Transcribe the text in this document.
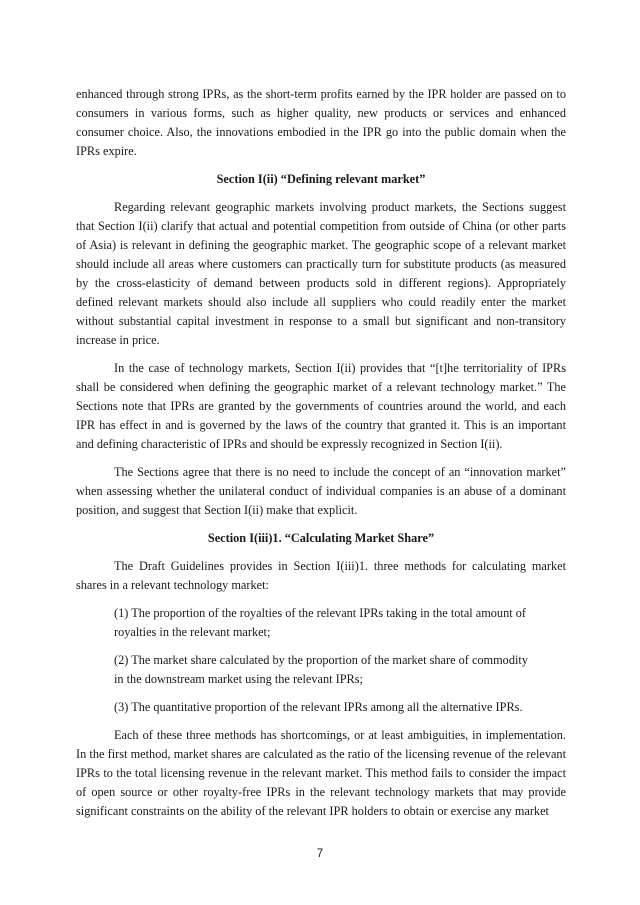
enhanced through strong IPRs, as the short-term profits earned by the IPR holder are passed on to consumers in various forms, such as higher quality, new products or services and enhanced consumer choice. Also, the innovations embodied in the IPR go into the public domain when the IPRs expire.

Section I(ii) “Defining relevant market”

Regarding relevant geographic markets involving product markets, the Sections suggest that Section I(ii) clarify that actual and potential competition from outside of China (or other parts of Asia) is relevant in defining the geographic market. The geographic scope of a relevant market should include all areas where customers can practically turn for substitute products (as measured by the cross-elasticity of demand between products sold in different regions). Appropriately defined relevant markets should also include all suppliers who could readily enter the market without substantial capital investment in response to a small but significant and non-transitory increase in price.

In the case of technology markets, Section I(ii) provides that “[t]he territoriality of IPRs shall be considered when defining the geographic market of a relevant technology market.” The Sections note that IPRs are granted by the governments of countries around the world, and each IPR has effect in and is governed by the laws of the country that granted it. This is an important and defining characteristic of IPRs and should be expressly recognized in Section I(ii).

The Sections agree that there is no need to include the concept of an “innovation market” when assessing whether the unilateral conduct of individual companies is an abuse of a dominant position, and suggest that Section I(ii) make that explicit.

Section I(iii)1. “Calculating Market Share”

The Draft Guidelines provides in Section I(iii)1. three methods for calculating market shares in a relevant technology market:

(1) The proportion of the royalties of the relevant IPRs taking in the total amount of royalties in the relevant market;

(2) The market share calculated by the proportion of the market share of commodity in the downstream market using the relevant IPRs;

(3) The quantitative proportion of the relevant IPRs among all the alternative IPRs.

Each of these three methods has shortcomings, or at least ambiguities, in implementation. In the first method, market shares are calculated as the ratio of the licensing revenue of the relevant IPRs to the total licensing revenue in the relevant market. This method fails to consider the impact of open source or other royalty-free IPRs in the relevant technology markets that may provide significant constraints on the ability of the relevant IPR holders to obtain or exercise any market

7
